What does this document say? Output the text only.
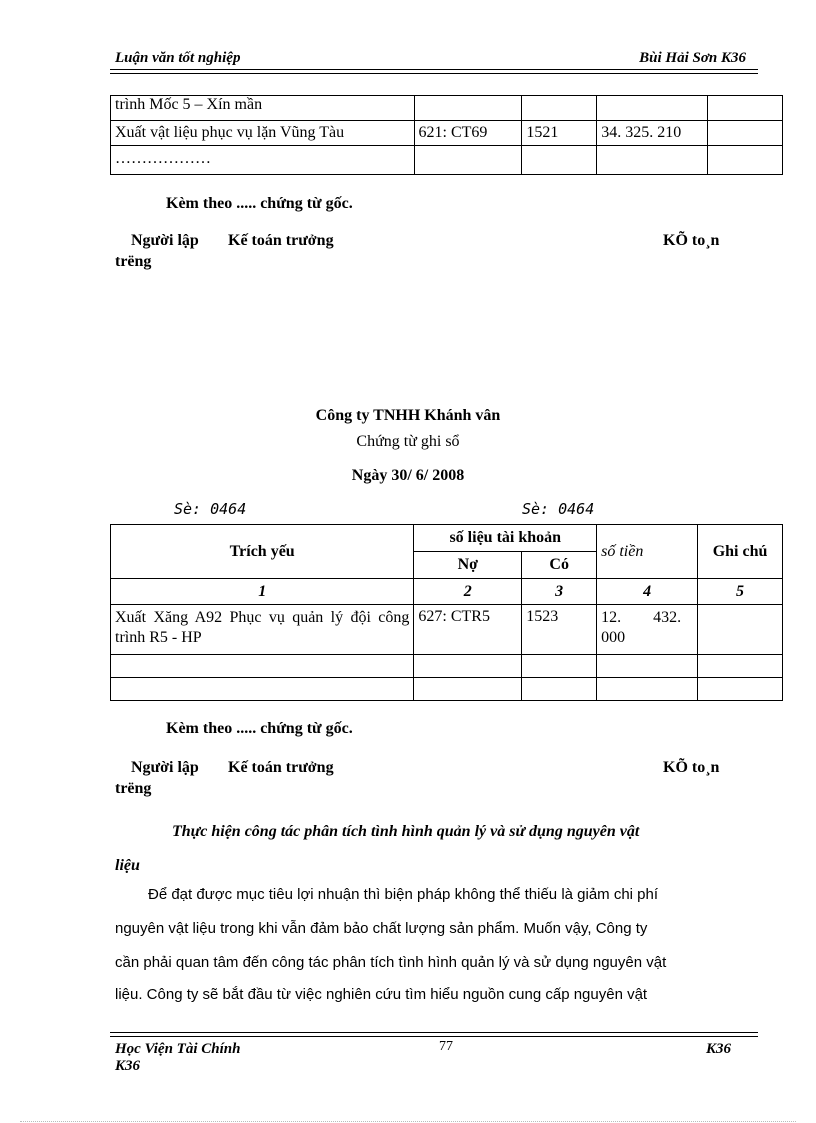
Luận văn tốt nghiệp	Bùi Hải Sơn K36
trình Mốc 5 – Xín mần				
Xuất vật liệu phục vụ lặn Vũng Tàu	621: CT69	1521	34. 325. 210	
………………				
Kèm theo ..... chứng từ gốc.
Người lập Kế toán trưởng	KÕ to¸n
trëng
Công ty TNHH Khánh vân
Chứng từ ghi sổ
Ngày 30/ 6/ 2008
Sè: 0464	Sè: 0464
Trích yếu	số liệu tài khoản		số tiền	Ghi chú
	Nợ	Có		
1	2	3	4	5
Xuất Xăng A92 Phục vụ quản lý đội công trình R5 - HP	627: CTR5	1523	12.        432.
000	

Kèm theo ..... chứng từ gốc.
Người lập Kế toán trưởng	KÕ to¸n
trëng
Thực hiện công tác phân tích tình hình quản lý và sử dụng nguyên vật
liệu
Để đạt được mục tiêu lợi nhuận thì biện pháp không thể thiếu là giảm chi phí
nguyên vật liệu trong khi vẫn đảm bảo chất lượng sản phẩm. Muốn vậy, Công ty
cần phải quan tâm đến công tác phân tích tình hình quản lý và sử dụng nguyên vật
liệu. Công ty sẽ bắt đầu từ việc nghiên cứu tìm hiểu nguồn cung cấp nguyên vật
Học Viện Tài Chính
K36
77	K36
